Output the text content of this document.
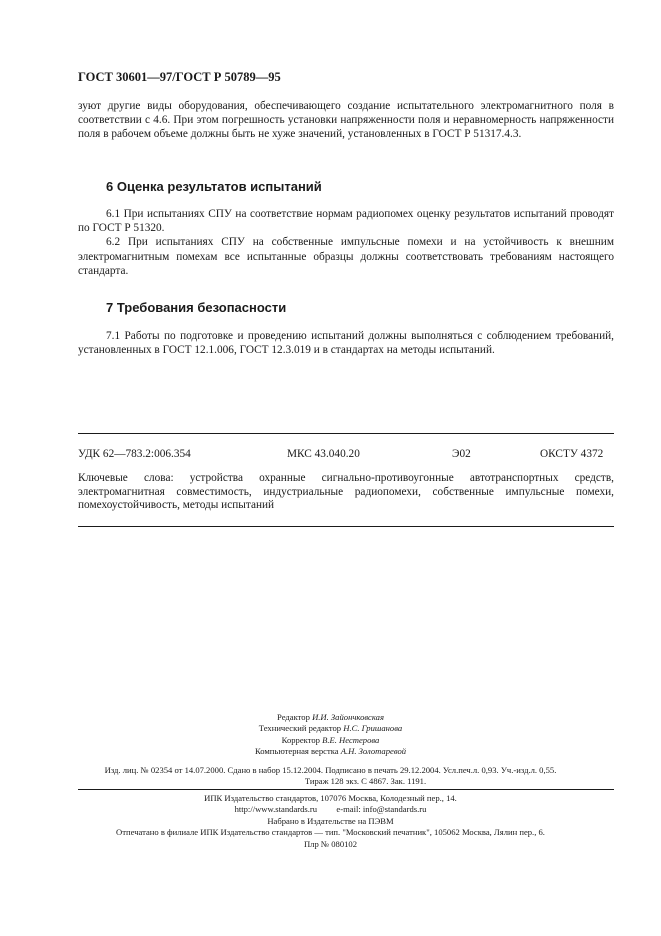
ГОСТ 30601—97/ГОСТ Р 50789—95
зуют другие виды оборудования, обеспечивающего создание испытательного электромагнитного поля в соответствии с 4.6. При этом погрешность установки напряженности поля и неравномерность напряженности поля в рабочем объеме должны быть не хуже значений, установленных в ГОСТ Р 51317.4.3.
6 Оценка результатов испытаний
6.1 При испытаниях СПУ на соответствие нормам радиопомех оценку результатов испытаний проводят по ГОСТ Р 51320.
6.2 При испытаниях СПУ на собственные импульсные помехи и на устойчивость к внешним электромагнитным помехам все испытанные образцы должны соответствовать требованиям настоящего стандарта.
7 Требования безопасности
7.1 Работы по подготовке и проведению испытаний должны выполняться с соблюдением требований, установленных в ГОСТ 12.1.006, ГОСТ 12.3.019 и в стандартах на методы испытаний.
УДК 62—783.2:006.354	МКС 43.040.20	Э02	ОКСТУ 4372
Ключевые слова: устройства охранные сигнально-противоугонные автотранспортных средств, электромагнитная совместимость, индустриальные радиопомехи, собственные импульсные помехи, помехоустойчивость, методы испытаний
Редактор И.И. Зайончковская
Технический редактор Н.С. Гришанова
Корректор В.Е. Нестерова
Компьютерная верстка А.Н. Золотаревой
Изд. лиц. № 02354 от 14.07.2000. Сдано в набор 15.12.2004. Подписано в печать 29.12.2004. Усл.печ.л. 0,93. Уч.-изд.л. 0,55.
Тираж 128 экз. С 4867. Зак. 1191.
ИПК Издательство стандартов, 107076 Москва, Колодезный пер., 14.
http://www.standards.ru e-mail: info@standards.ru
Набрано в Издательстве на ПЭВМ
Отпечатано в филиале ИПК Издательство стандартов — тип. "Московский печатник", 105062 Москва, Лялин пер., 6.
Плр № 080102
